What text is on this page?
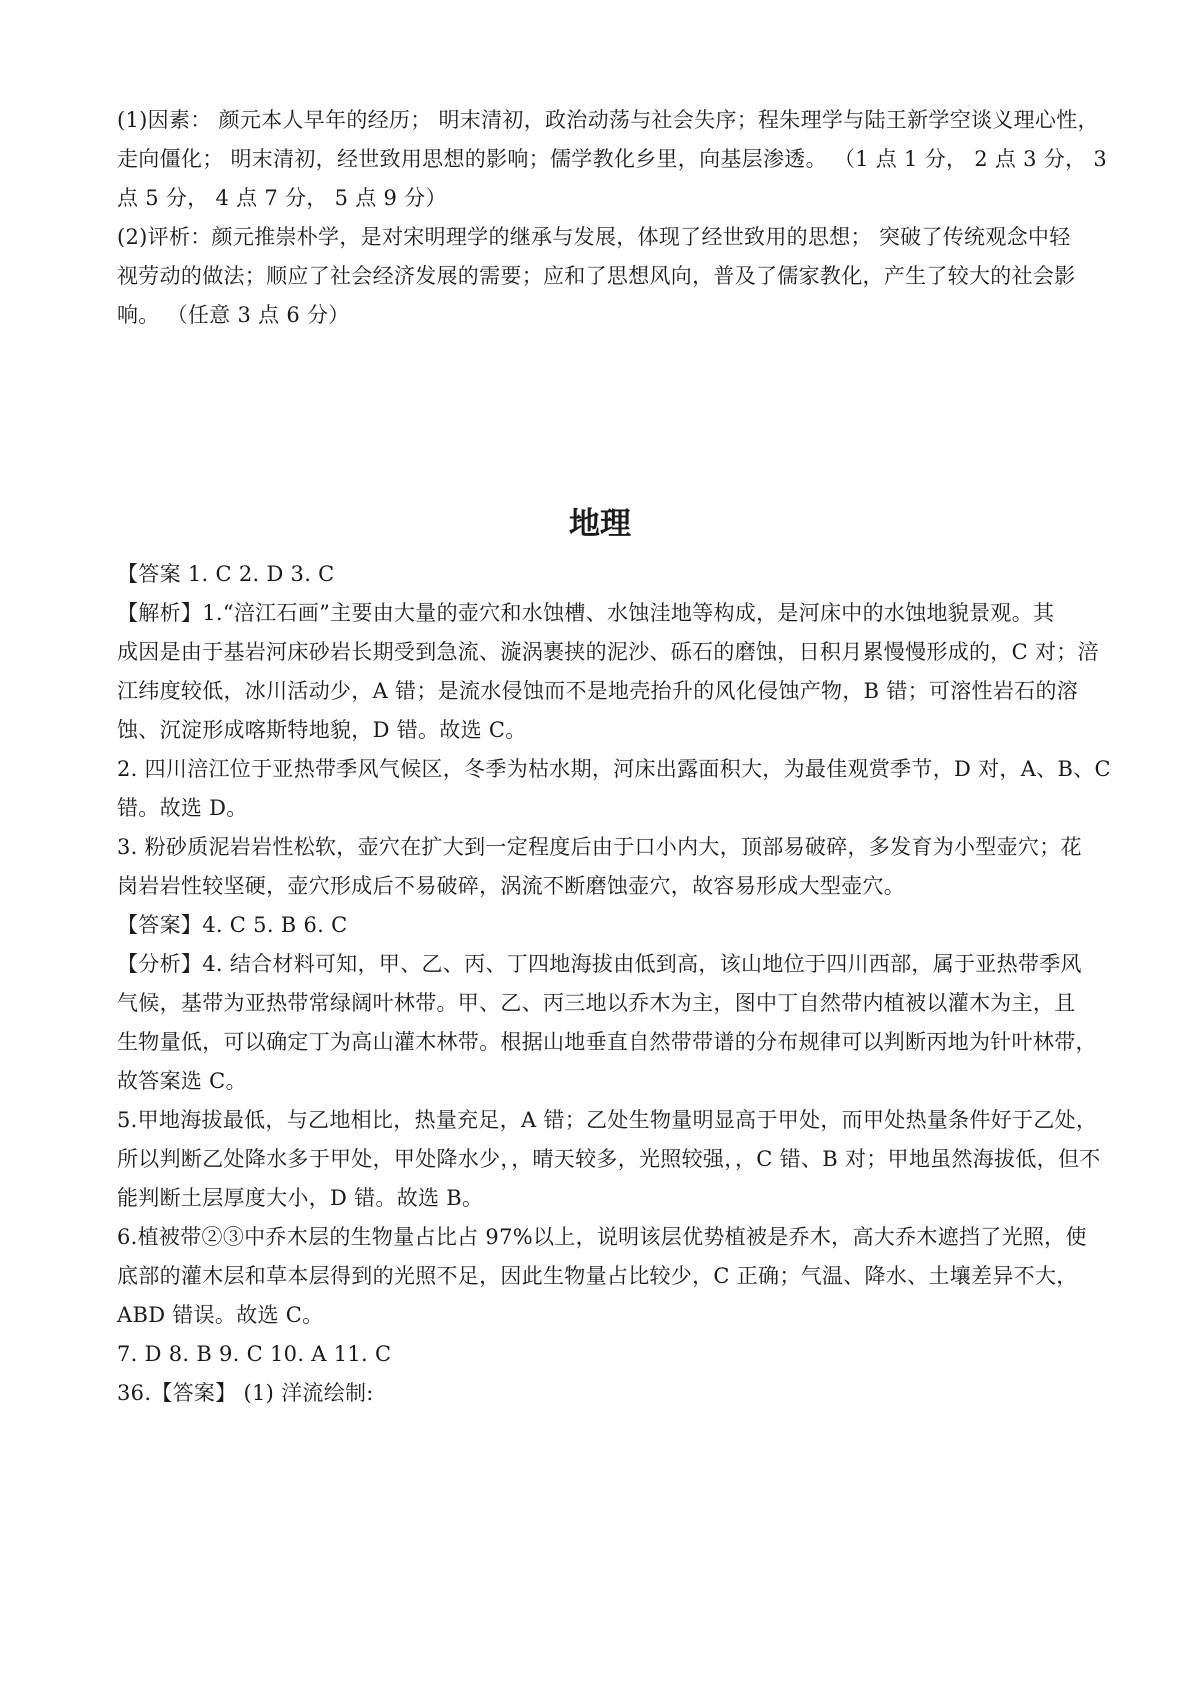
(1)因素： 颜元本人早年的经历； 明末清初，政治动荡与社会失序；程朱理学与陆王新学空谈义理心性，
走向僵化； 明末清初，经世致用思想的影响；儒学教化乡里，向基层渗透。 （1 点 1 分， 2 点 3 分， 3
点 5 分， 4 点 7 分， 5 点 9 分）
(2)评析：颜元推崇朴学，是对宋明理学的继承与发展，体现了经世致用的思想； 突破了传统观念中轻
视劳动的做法；顺应了社会经济发展的需要；应和了思想风向，普及了儒家教化，产生了较大的社会影
响。 （任意 3 点 6 分）
地理
【答案 1. C 2. D 3. C
【解析】1.“涪江石画”主要由大量的壶穴和水蚀槽、水蚀洼地等构成，是河床中的水蚀地貌景观。其
成因是由于基岩河床砂岩长期受到急流、漩涡裹挟的泥沙、砾石的磨蚀，日积月累慢慢形成的，C 对；涪
江纬度较低，冰川活动少，A 错；是流水侵蚀而不是地壳抬升的风化侵蚀产物，B 错；可溶性岩石的溶
蚀、沉淀形成喀斯特地貌，D 错。故选 C。
2. 四川涪江位于亚热带季风气候区，冬季为枯水期，河床出露面积大，为最佳观赏季节，D 对，A、B、C
错。故选 D。
3. 粉砂质泥岩岩性松软，壶穴在扩大到一定程度后由于口小内大，顶部易破碎，多发育为小型壶穴；花
岗岩岩性较坚硬，壶穴形成后不易破碎，涡流不断磨蚀壶穴，故容易形成大型壶穴。
【答案】4. C 5. B 6. C
【分析】4. 结合材料可知，甲、乙、丙、丁四地海拔由低到高，该山地位于四川西部，属于亚热带季风
气候，基带为亚热带常绿阔叶林带。甲、乙、丙三地以乔木为主，图中丁自然带内植被以灌木为主，且
生物量低，可以确定丁为高山灌木林带。根据山地垂直自然带带谱的分布规律可以判断丙地为针叶林带，
故答案选 C。
5.甲地海拔最低，与乙地相比，热量充足，A 错；乙处生物量明显高于甲处，而甲处热量条件好于乙处，
所以判断乙处降水多于甲处，甲处降水少，，晴天较多，光照较强，，C 错、B 对；甲地虽然海拔低，但不
能判断土层厚度大小，D 错。故选 B。
6.植被带②③中乔木层的生物量占比占 97%以上，说明该层优势植被是乔木，高大乔木遮挡了光照，使
底部的灌木层和草本层得到的光照不足，因此生物量占比较少，C 正确；气温、降水、土壤差异不大，
ABD 错误。故选 C。
7. D 8. B 9. C 10. A 11. C
36.【答案】 (1) 洋流绘制:
